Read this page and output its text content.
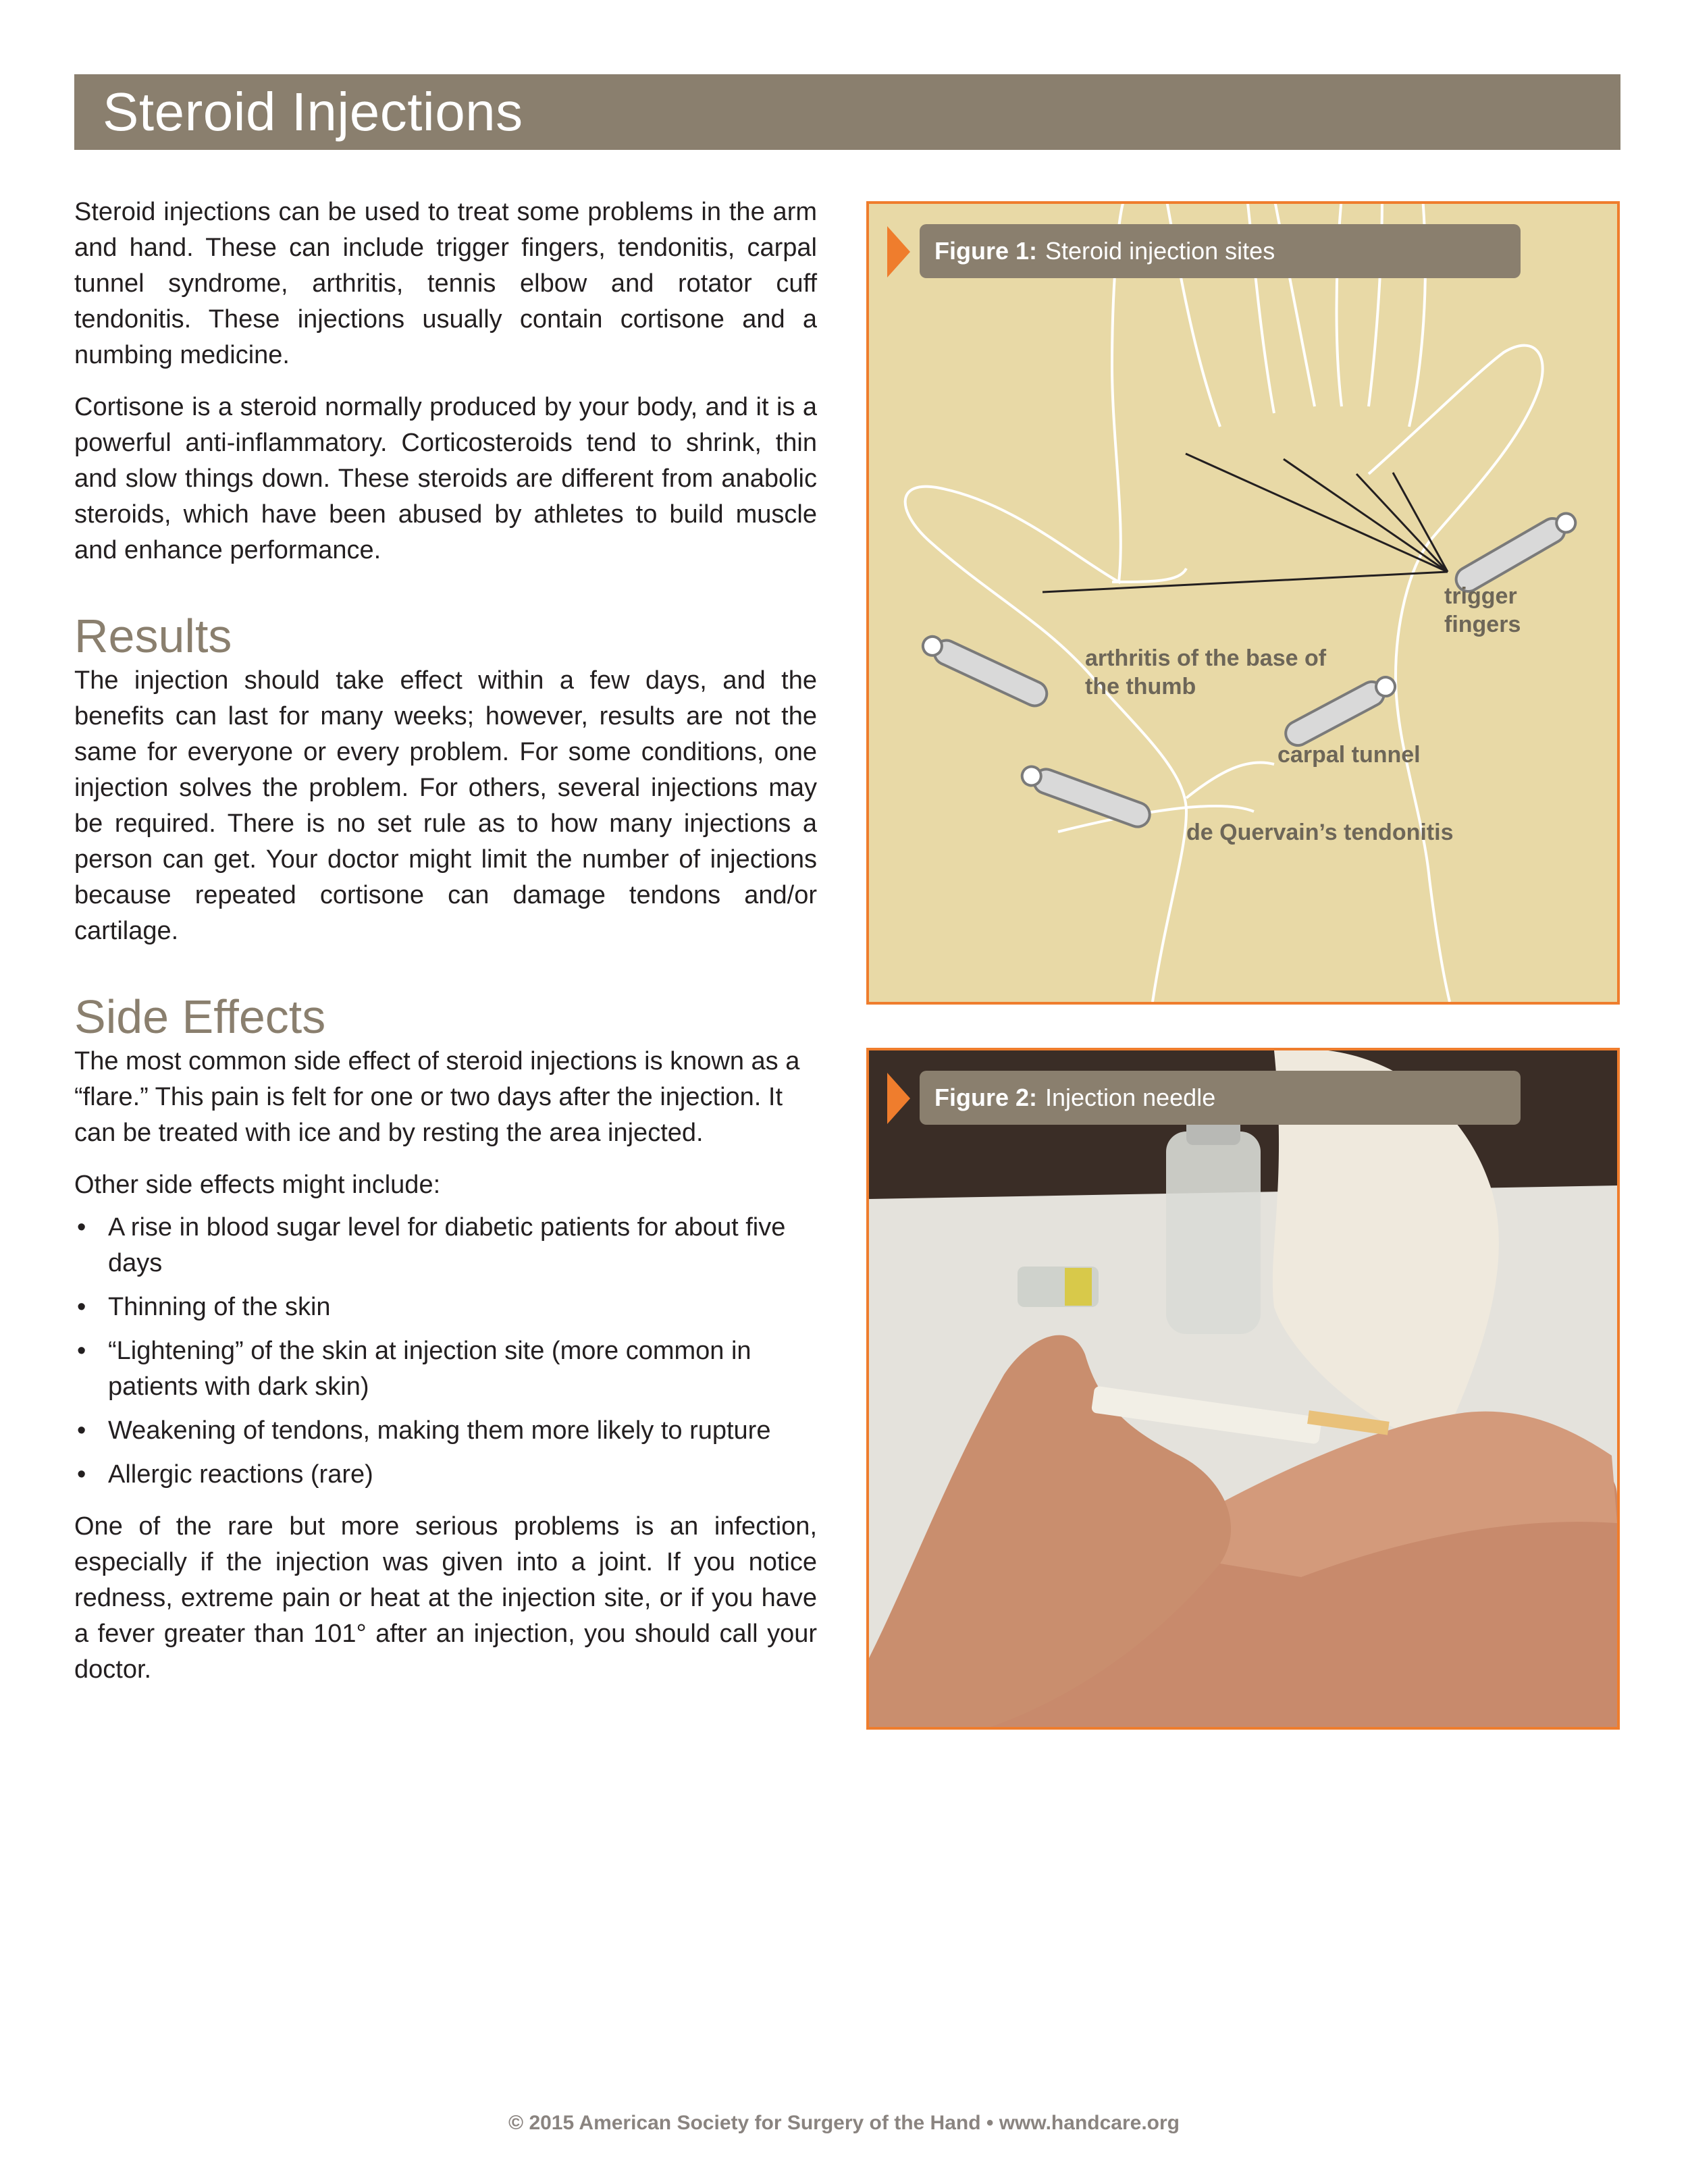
Steroid Injections

Steroid injections can be used to treat some problems in the arm and hand. These can include trigger fingers, tendonitis, carpal tunnel syndrome, arthritis, tennis elbow and rotator cuff tendonitis. These injections usually contain cortisone and a numbing medicine.

Cortisone is a steroid normally produced by your body, and it is a powerful anti-inflammatory. Corticosteroids tend to shrink, thin and slow things down. These steroids are different from anabolic steroids, which have been abused by athletes to build muscle and enhance performance.

Results

The injection should take effect within a few days, and the benefits can last for many weeks; however, results are not the same for everyone or every problem. For some conditions, one injection solves the problem. For others, several injections may be required. There is no set rule as to how many injections a person can get. Your doctor might limit the number of injections because repeated cortisone can damage tendons and/or cartilage.

Side Effects

The most common side effect of steroid injections is known as a “flare.” This pain is felt for one or two days after the injection. It can be treated with ice and by resting the area injected.

Other side effects might include:

• A rise in blood sugar level for diabetic patients for about five days
• Thinning of the skin
• “Lightening” of the skin at injection site (more common in patients with dark skin)
• Weakening of tendons, making them more likely to rupture
• Allergic reactions (rare)

One of the rare but more serious problems is an infection, especially if the injection was given into a joint. If you notice redness, extreme pain or heat at the injection site, or if you have a fever greater than 101° after an injection, you should call your doctor.

Figure 1: Steroid injection sites
trigger fingers
arthritis of the base of the thumb
carpal tunnel
de Quervain’s tendonitis
Figure 2: Injection needle
© 2015 American Society for Surgery of the Hand • www.handcare.org
